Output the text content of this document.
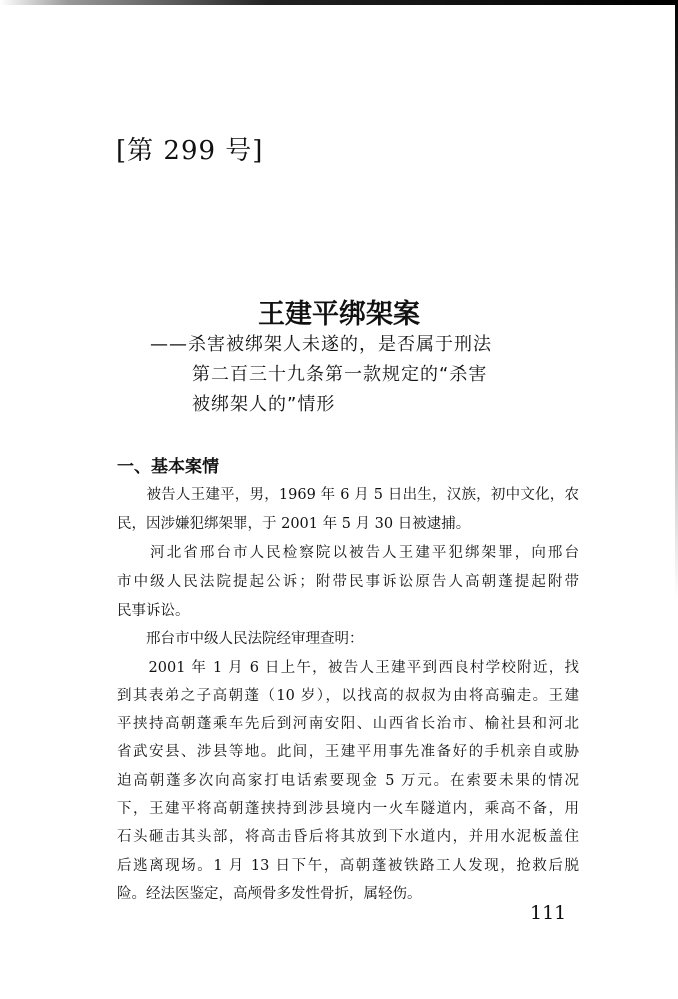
[第 299 号]
王建平绑架案
——杀害被绑架人未遂的，是否属于刑法
第二百三十九条第一款规定的“杀害
被绑架人的”情形
一、基本案情
　　被告人王建平，男，1969 年 6 月 5 日出生，汉族，初中文化，农
民，因涉嫌犯绑架罪，于 2001 年 5 月 30 日被逮捕。
　　河北省邢台市人民检察院以被告人王建平犯绑架罪，向邢台
市中级人民法院提起公诉；附带民事诉讼原告人高朝蓬提起附带
民事诉讼。
　　邢台市中级人民法院经审理查明：
　　2001 年 1 月 6 日上午，被告人王建平到西良村学校附近，找
到其表弟之子高朝蓬（10 岁），以找高的叔叔为由将高骗走。王建
平挟持高朝蓬乘车先后到河南安阳、山西省长治市、榆社县和河北
省武安县、涉县等地。此间，王建平用事先准备好的手机亲自或胁
迫高朝蓬多次向高家打电话索要现金 5 万元。在索要未果的情况
下，王建平将高朝蓬挟持到涉县境内一火车隧道内，乘高不备，用
石头砸击其头部，将高击昏后将其放到下水道内，并用水泥板盖住
后逃离现场。1 月 13 日下午，高朝蓬被铁路工人发现，抢救后脱
险。经法医鉴定，高颅骨多发性骨折，属轻伤。
111
